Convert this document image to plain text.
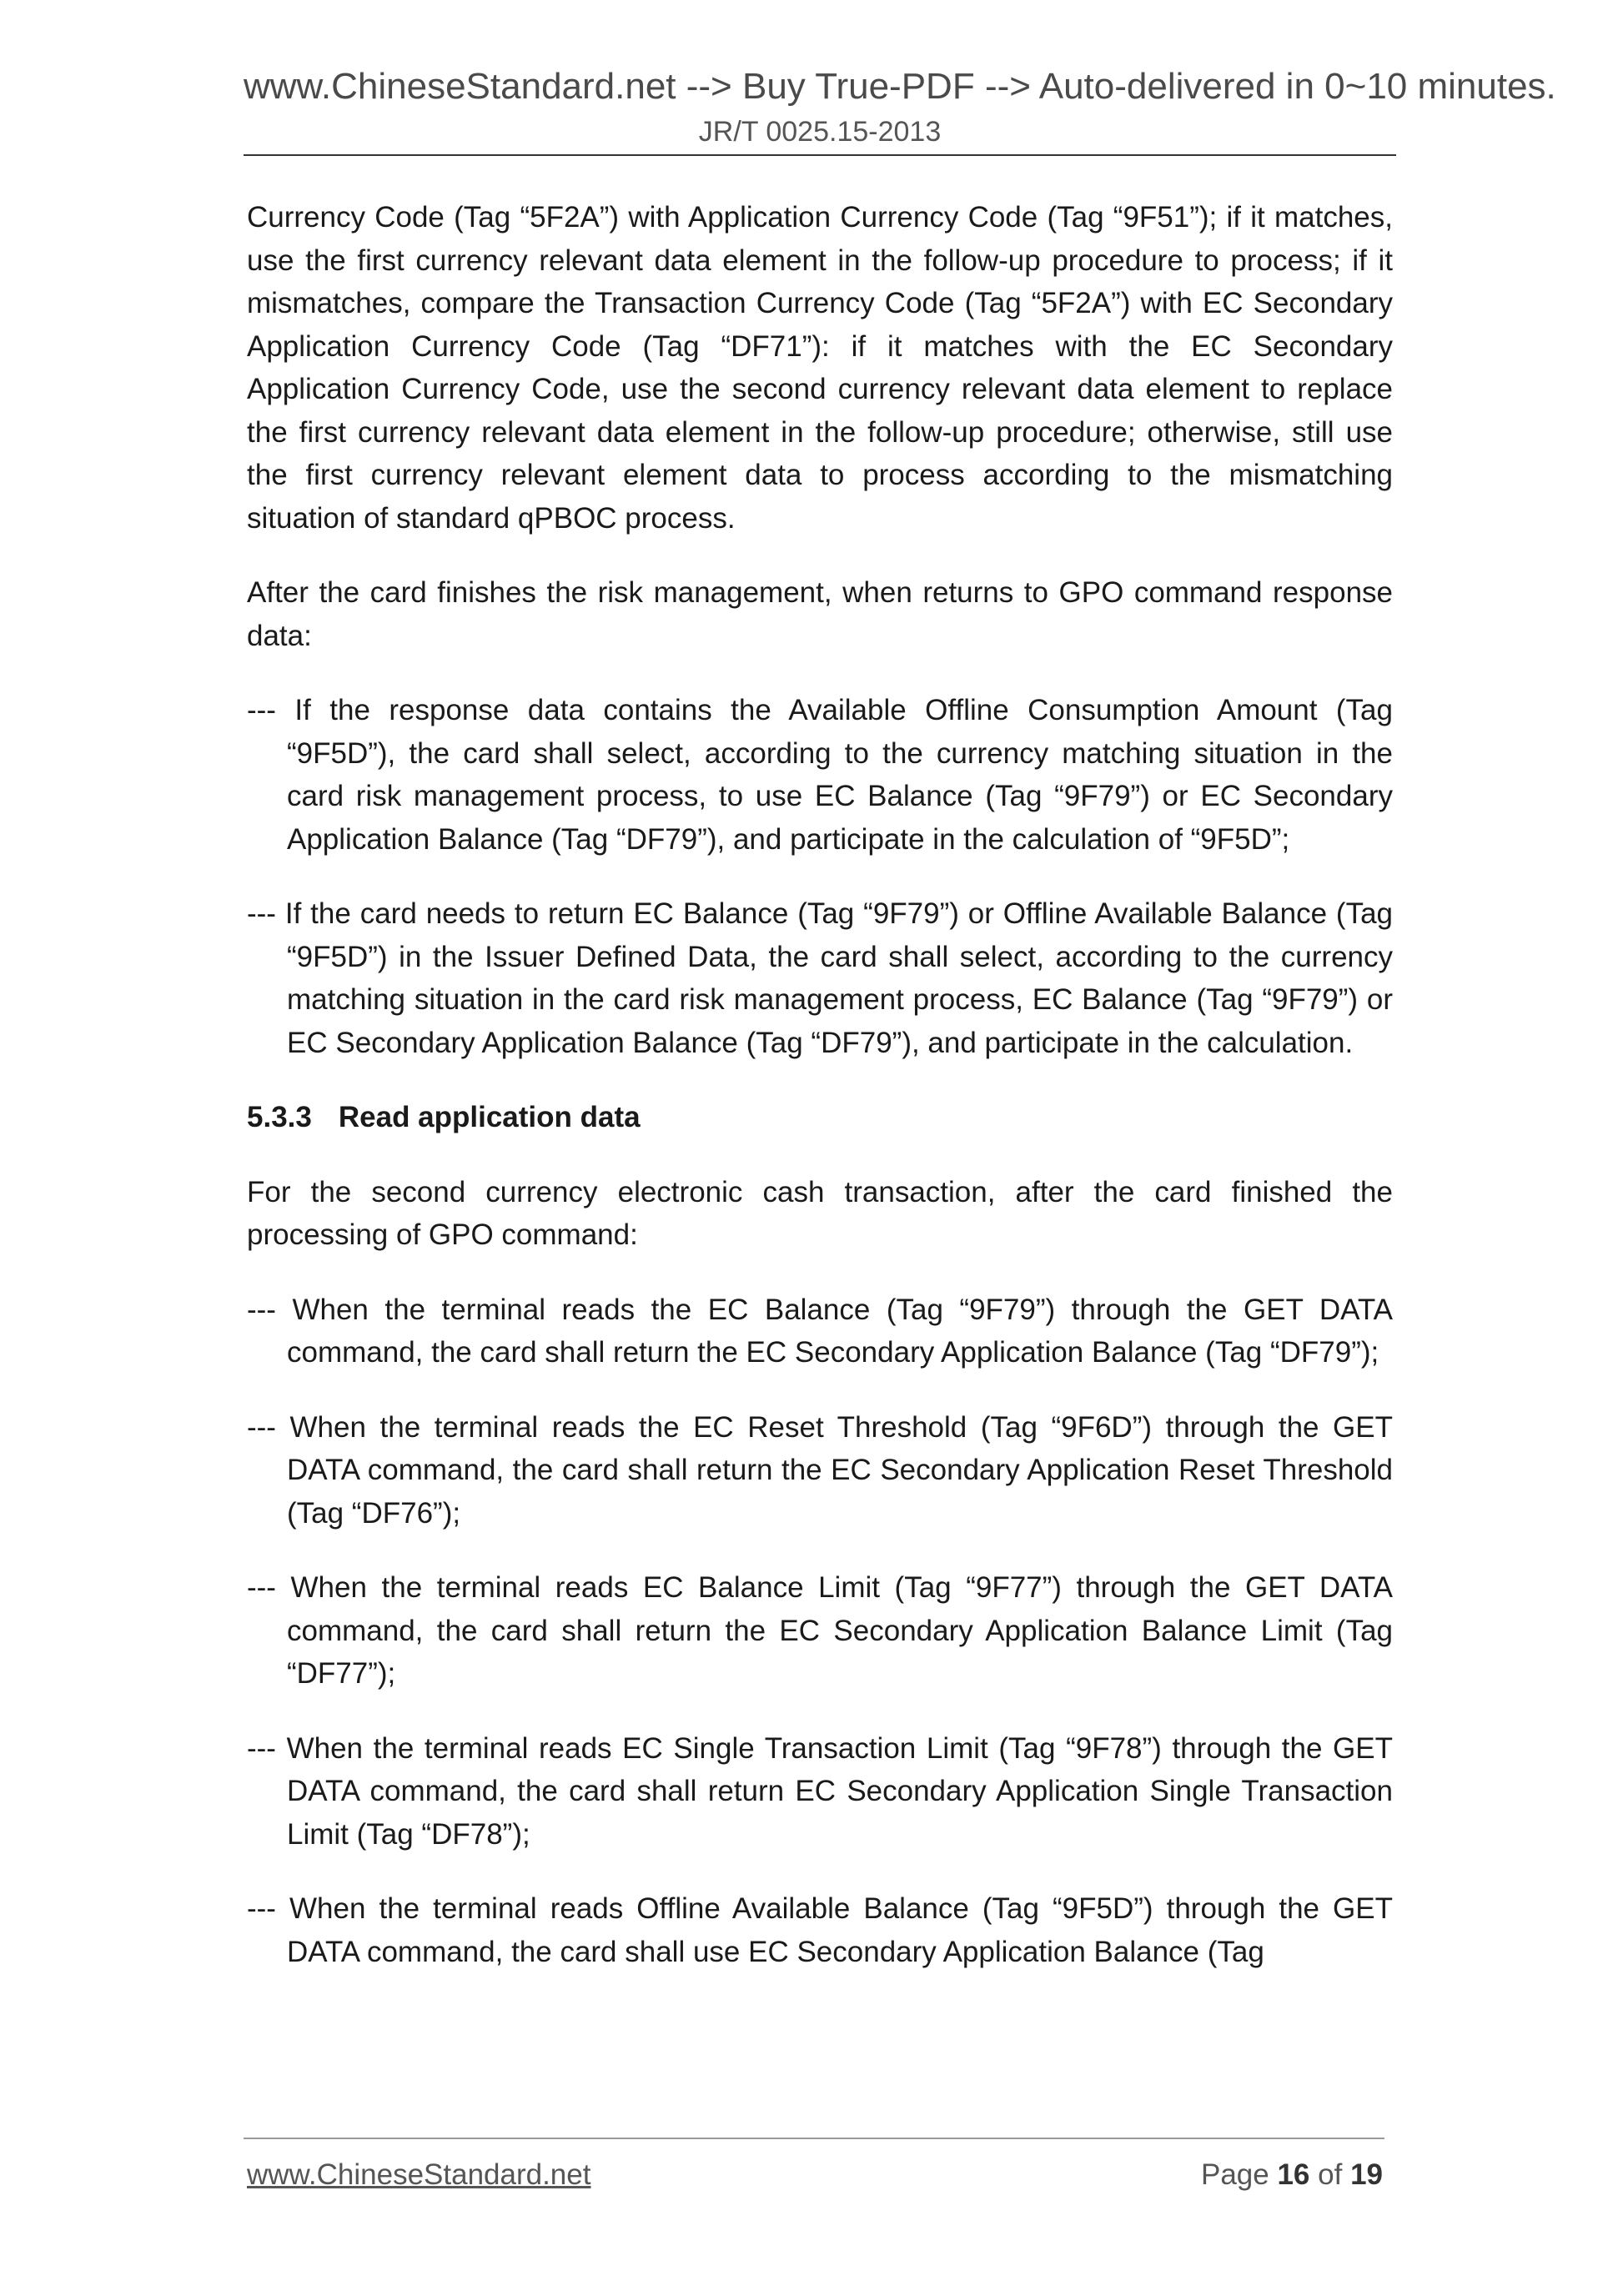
www.ChineseStandard.net --> Buy True-PDF --> Auto-delivered in 0~10 minutes.
JR/T 0025.15-2013

Currency Code (Tag “5F2A”) with Application Currency Code (Tag “9F51”); if it matches, use the first currency relevant data element in the follow-up procedure to process; if it mismatches, compare the Transaction Currency Code (Tag “5F2A”) with EC Secondary Application Currency Code (Tag “DF71”): if it matches with the EC Secondary Application Currency Code, use the second currency relevant data element to replace the first currency relevant data element in the follow-up procedure; otherwise, still use the first currency relevant element data to process according to the mismatching situation of standard qPBOC process.

After the card finishes the risk management, when returns to GPO command response data:

--- If the response data contains the Available Offline Consumption Amount (Tag “9F5D”), the card shall select, according to the currency matching situation in the card risk management process, to use EC Balance (Tag “9F79”) or EC Secondary Application Balance (Tag “DF79”), and participate in the calculation of “9F5D”;
--- If the card needs to return EC Balance (Tag “9F79”) or Offline Available Balance (Tag “9F5D”) in the Issuer Defined Data, the card shall select, according to the currency matching situation in the card risk management process, EC Balance (Tag “9F79”) or EC Secondary Application Balance (Tag “DF79”), and participate in the calculation.
5.3.3 Read application data

For the second currency electronic cash transaction, after the card finished the processing of GPO command:

--- When the terminal reads the EC Balance (Tag “9F79”) through the GET DATA command, the card shall return the EC Secondary Application Balance (Tag “DF79”);
--- When the terminal reads the EC Reset Threshold (Tag “9F6D”) through the GET DATA command, the card shall return the EC Secondary Application Reset Threshold (Tag “DF76”);
--- When the terminal reads EC Balance Limit (Tag “9F77”) through the GET DATA command, the card shall return the EC Secondary Application Balance Limit (Tag “DF77”);
--- When the terminal reads EC Single Transaction Limit (Tag “9F78”) through the GET DATA command, the card shall return EC Secondary Application Single Transaction Limit (Tag “DF78”);
--- When the terminal reads Offline Available Balance (Tag “9F5D”) through the GET DATA command, the card shall use EC Secondary Application Balance (Tag
www.ChineseStandard.net	Page 16 of 19
